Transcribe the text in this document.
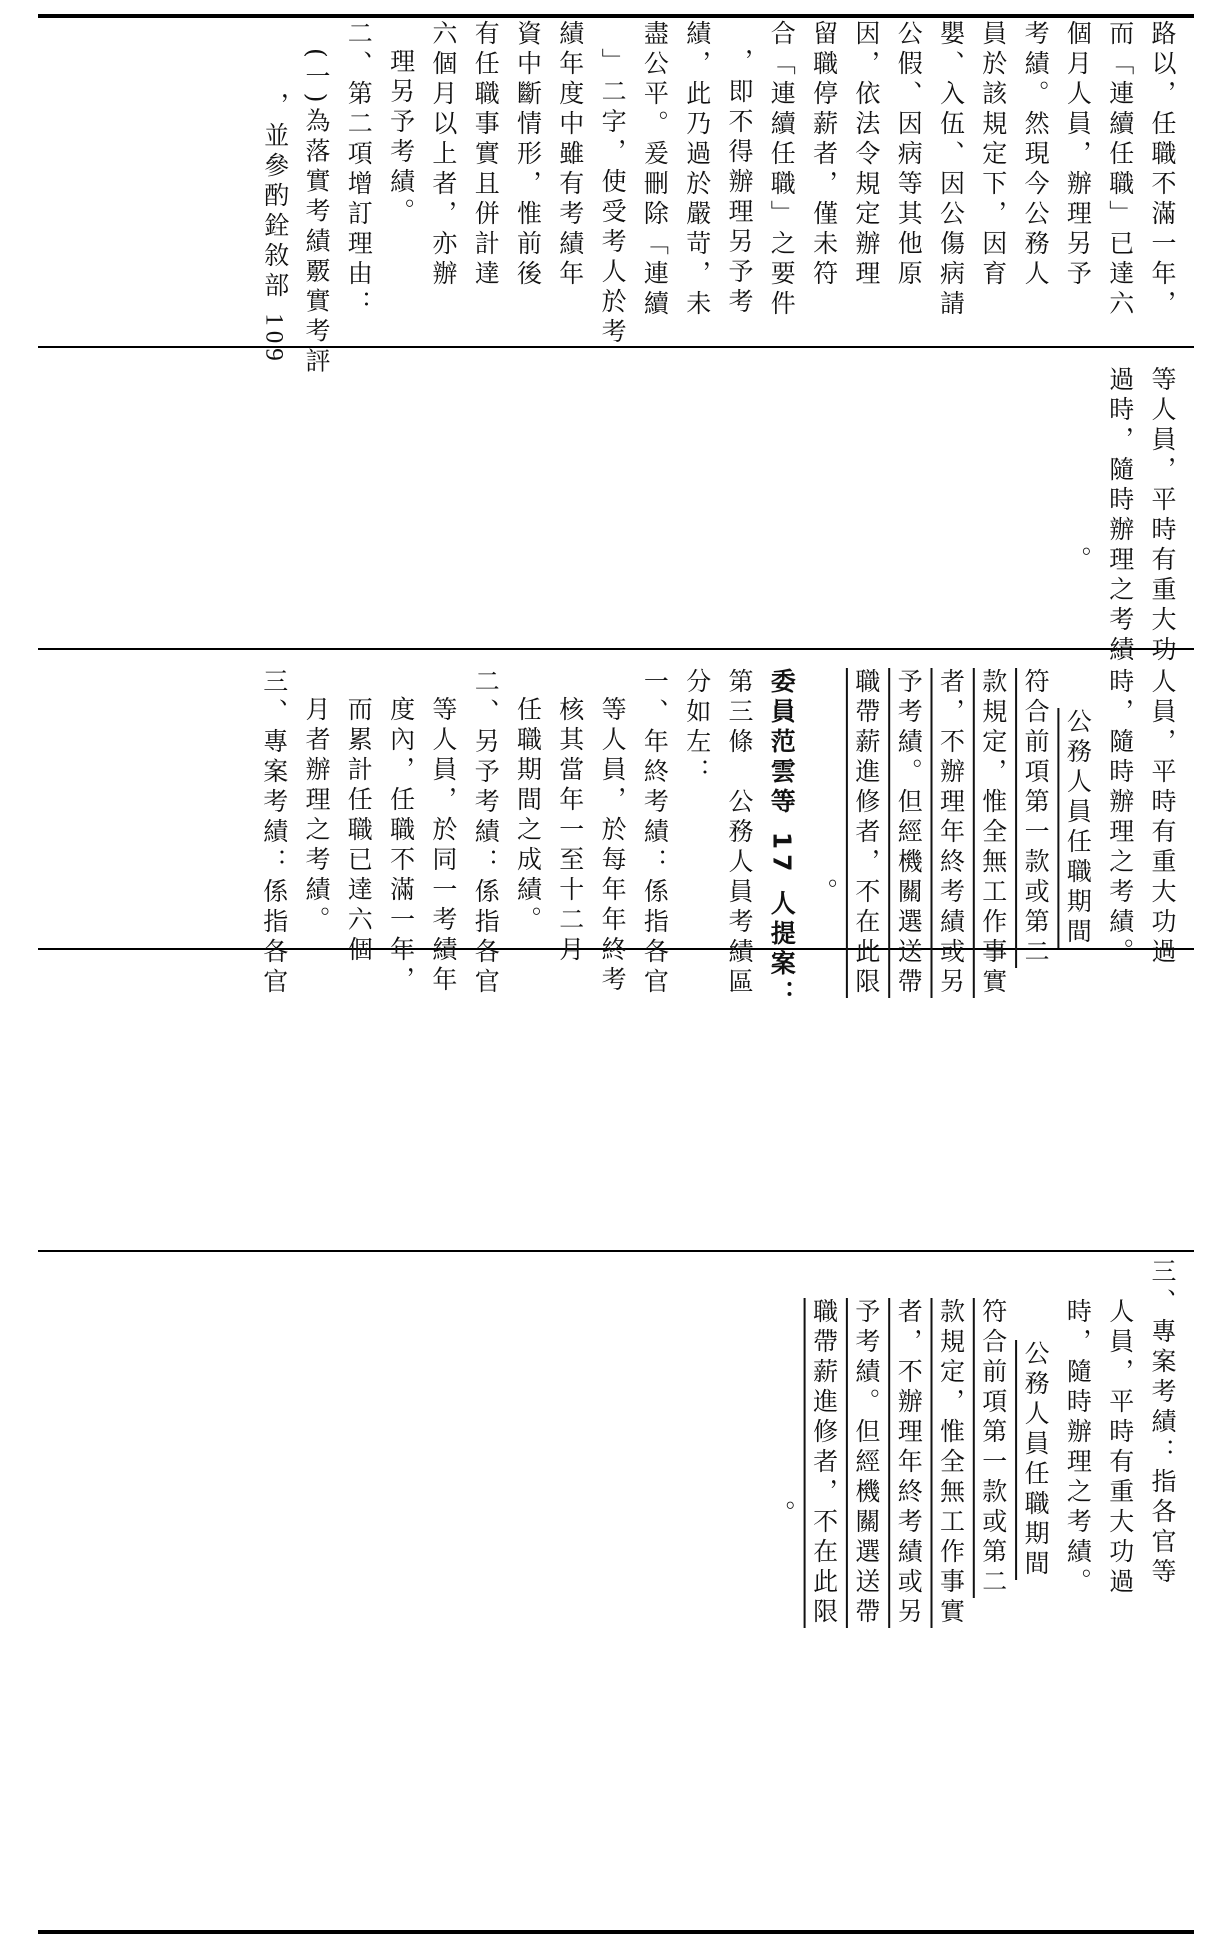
路以，任職不滿一年，
而「連續任職」已達六
個月人員，辦理另予
考績。然現今公務人
員於該規定下，因育
嬰、入伍、因公傷病請
公假、因病等其他原
因，依法令規定辦理
留職停薪者，僅未符
合「連續任職」之要件
，即不得辦理另予考
績，此乃過於嚴苛，未
盡公平。爰刪除「連續
」二字，使受考人於考
績年度中雖有考績年
資中斷情形，惟前後
有任職事實且併計達
六個月以上者，亦辦
理另予考績。
二、第二項增訂理由：
(一)為落實考績覈實考評
，並參酌銓敘部 109
等人員，平時有重大功
過時，隨時辦理之考績
。
人員，平時有重大功過
時，隨時辦理之考績。
公務人員任職期間
符合前項第一款或第二
款規定，惟全無工作事實
者，不辦理年終考績或另
予考績。但經機關選送帶
職帶薪進修者，不在此限
。
委員范雲等 17 人提案：
第三條　公務人員考績區
分如左：
一、年終考績：係指各官
等人員，於每年年終考
核其當年一至十二月
任職期間之成績。
二、另予考績：係指各官
等人員，於同一考績年
度內，任職不滿一年，
而累計任職已達六個
月者辦理之考績。
三、專案考績：係指各官
三、專案考績：指各官等
人員，平時有重大功過
時，隨時辦理之考績。
公務人員任職期間
符合前項第一款或第二
款規定，惟全無工作事實
者，不辦理年終考績或另
予考績。但經機關選送帶
職帶薪進修者，不在此限
。
